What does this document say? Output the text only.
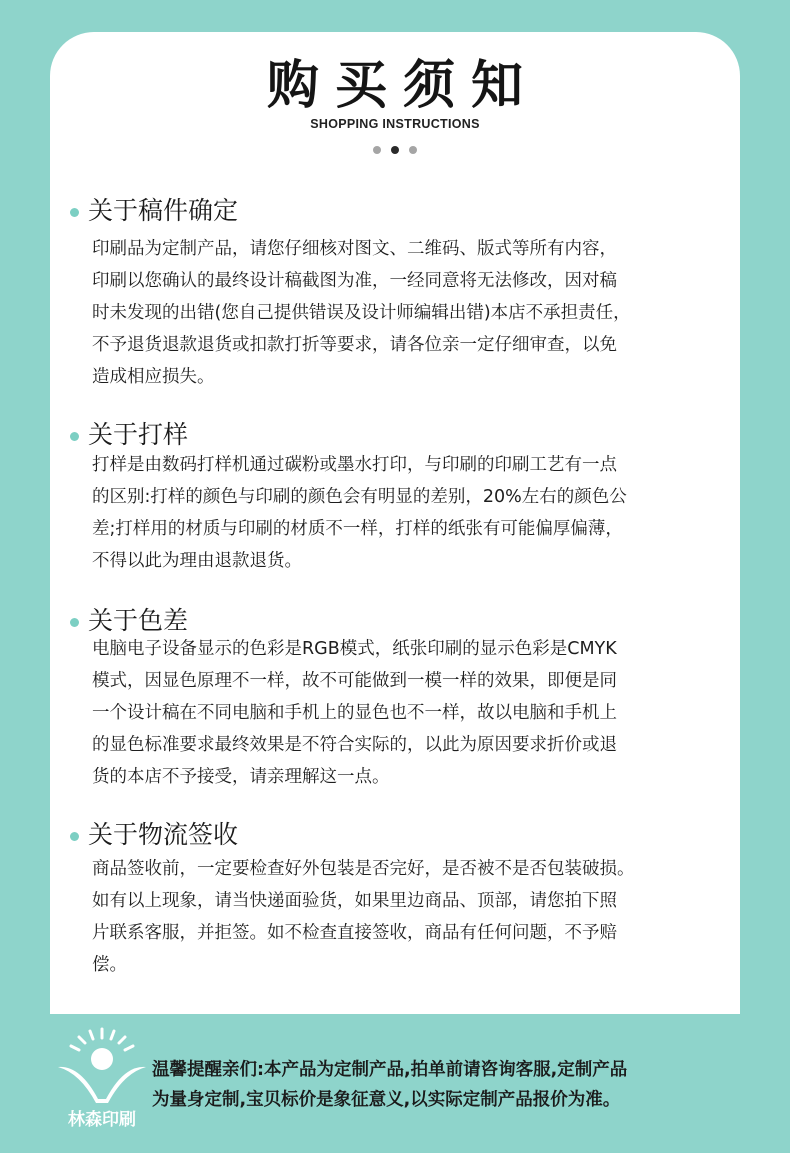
购买须知
SHOPPING INSTRUCTIONS
关于稿件确定

印刷品为定制产品，请您仔细核对图文、二维码、版式等所有内容，

印刷以您确认的最终设计稿截图为准，一经同意将无法修改，因对稿

时未发现的出错(您自己提供错误及设计师编辑出错)本店不承担责任，

不予退货退款退货或扣款打折等要求，请各位亲一定仔细审查，以免

造成相应损失。

关于打样

打样是由数码打样机通过碳粉或墨水打印，与印刷的印刷工艺有一点

的区别:打样的颜色与印刷的颜色会有明显的差别，20%左右的颜色公

差;打样用的材质与印刷的材质不一样，打样的纸张有可能偏厚偏薄，

不得以此为理由退款退货。

关于色差

电脑电子设备显示的色彩是RGB模式，纸张印刷的显示色彩是CMYK

模式，因显色原理不一样，故不可能做到一模一样的效果，即便是同

一个设计稿在不同电脑和手机上的显色也不一样，故以电脑和手机上

的显色标准要求最终效果是不符合实际的，以此为原因要求折价或退

货的本店不予接受，请亲理解这一点。

关于物流签收

商品签收前，一定要检查好外包装是否完好，是否被不是否包装破损。

如有以上现象，请当快递面验货，如果里边商品、顶部，请您拍下照

片联系客服，并拒签。如不检查直接签收，商品有任何问题，不予赔

偿。

林森印刷

温馨提醒亲们:本产品为定制产品,拍单前请咨询客服,定制产品

为量身定制,宝贝标价是象征意义,以实际定制产品报价为准。
